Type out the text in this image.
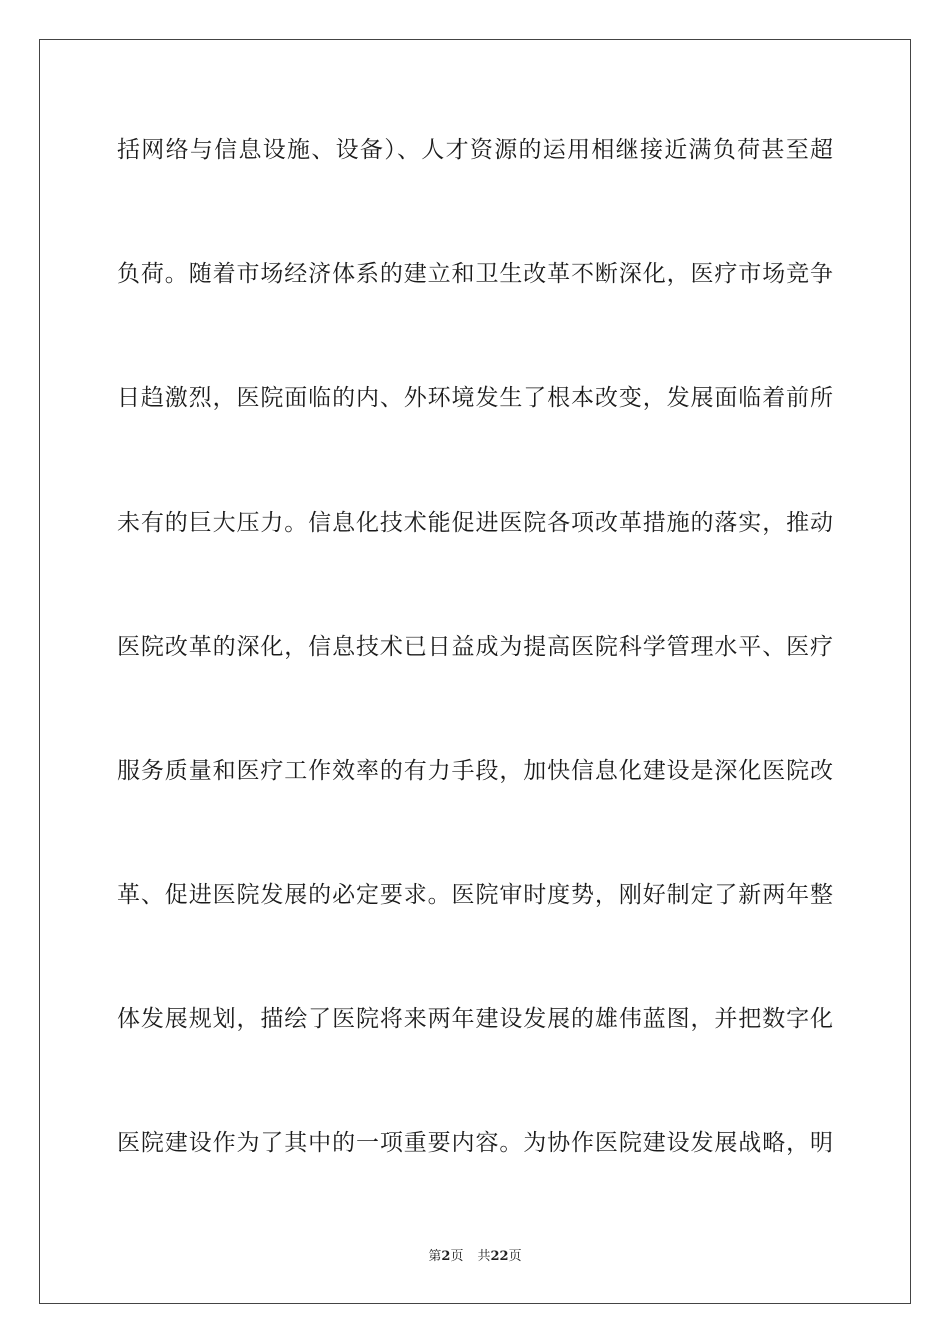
括网络与信息设施、设备）、人才资源的运用相继接近满负荷甚至超
负荷。随着市场经济体系的建立和卫生改革不断深化，医疗市场竞争
日趋激烈，医院面临的内、外环境发生了根本改变，发展面临着前所
未有的巨大压力。信息化技术能促进医院各项改革措施的落实，推动
医院改革的深化，信息技术已日益成为提高医院科学管理水平、医疗
服务质量和医疗工作效率的有力手段，加快信息化建设是深化医院改
革、促进医院发展的必定要求。医院审时度势，刚好制定了新两年整
体发展规划，描绘了医院将来两年建设发展的雄伟蓝图，并把数字化
医院建设作为了其中的一项重要内容。为协作医院建设发展战略，明
第2页 共22页
